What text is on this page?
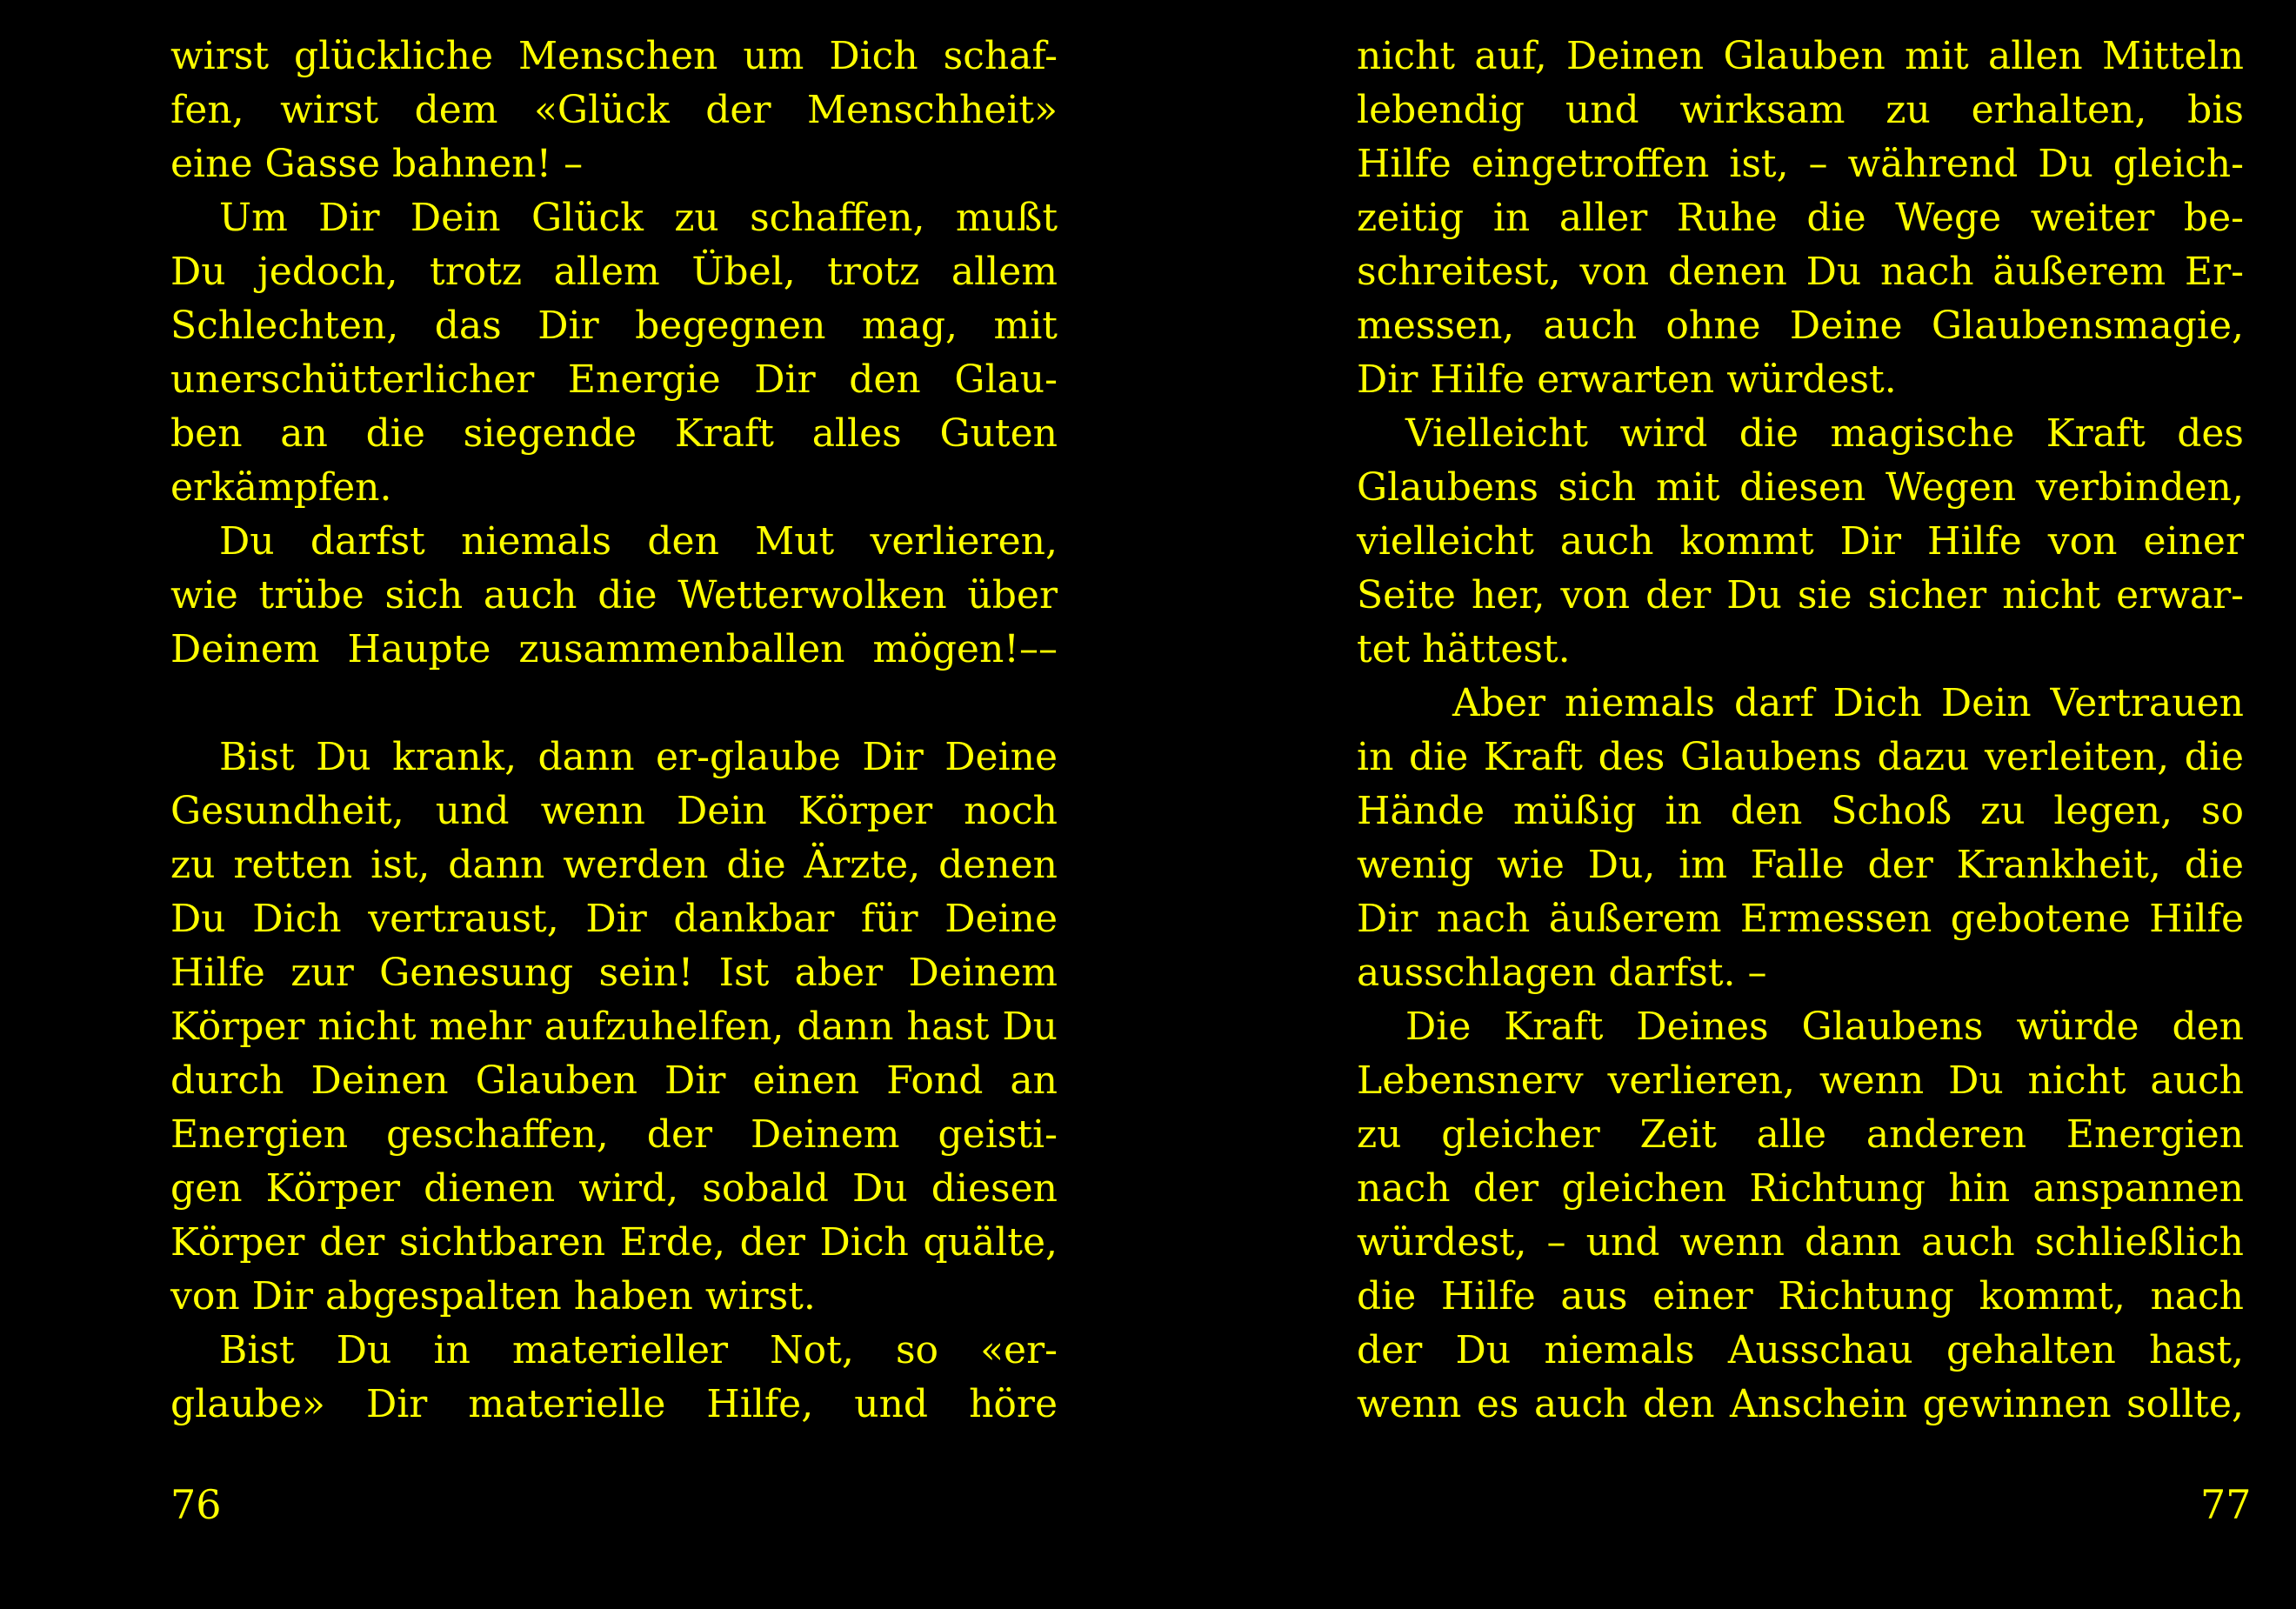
wirst glückliche Menschen um Dich schaf-
fen, wirst dem «Glück der Menschheit»
eine Gasse bahnen! –
Um Dir Dein Glück zu schaffen, mußt
Du jedoch, trotz allem Übel, trotz allem
Schlechten, das Dir begegnen mag, mit
unerschütterlicher Energie Dir den Glau-
ben an die siegende Kraft alles Guten
erkämpfen.
Du darfst niemals den Mut verlieren,
wie trübe sich auch die Wetterwolken über
Deinem Haupte zusammenballen mögen!––
Bist Du krank, dann er-glaube Dir Deine
Gesundheit, und wenn Dein Körper noch
zu retten ist, dann werden die Ärzte, denen
Du Dich vertraust, Dir dankbar für Deine
Hilfe zur Genesung sein! Ist aber Deinem
Körper nicht mehr aufzuhelfen, dann hast Du
durch Deinen Glauben Dir einen Fond an
Energien geschaffen, der Deinem geisti-
gen Körper dienen wird, sobald Du diesen
Körper der sichtbaren Erde, der Dich quälte,
von Dir abgespalten haben wirst.
Bist Du in materieller Not, so «er-
glaube» Dir materielle Hilfe, und höre
76
nicht auf, Deinen Glauben mit allen Mitteln
lebendig und wirksam zu erhalten, bis
Hilfe eingetroffen ist, – während Du gleich-
zeitig in aller Ruhe die Wege weiter be-
schreitest, von denen Du nach äußerem Er-
messen, auch ohne Deine Glaubensmagie,
Dir Hilfe erwarten würdest.
Vielleicht wird die magische Kraft des
Glaubens sich mit diesen Wegen verbinden,
vielleicht auch kommt Dir Hilfe von einer
Seite her, von der Du sie sicher nicht erwar-
tet hättest.
Aber niemals darf Dich Dein Vertrauen
in die Kraft des Glaubens dazu verleiten, die
Hände müßig in den Schoß zu legen, so
wenig wie Du, im Falle der Krankheit, die
Dir nach äußerem Ermessen gebotene Hilfe
ausschlagen darfst. –
Die Kraft Deines Glaubens würde den
Lebensnerv verlieren, wenn Du nicht auch
zu gleicher Zeit alle anderen Energien
nach der gleichen Richtung hin anspannen
würdest, – und wenn dann auch schließlich
die Hilfe aus einer Richtung kommt, nach
der Du niemals Ausschau gehalten hast,
wenn es auch den Anschein gewinnen sollte,
77
